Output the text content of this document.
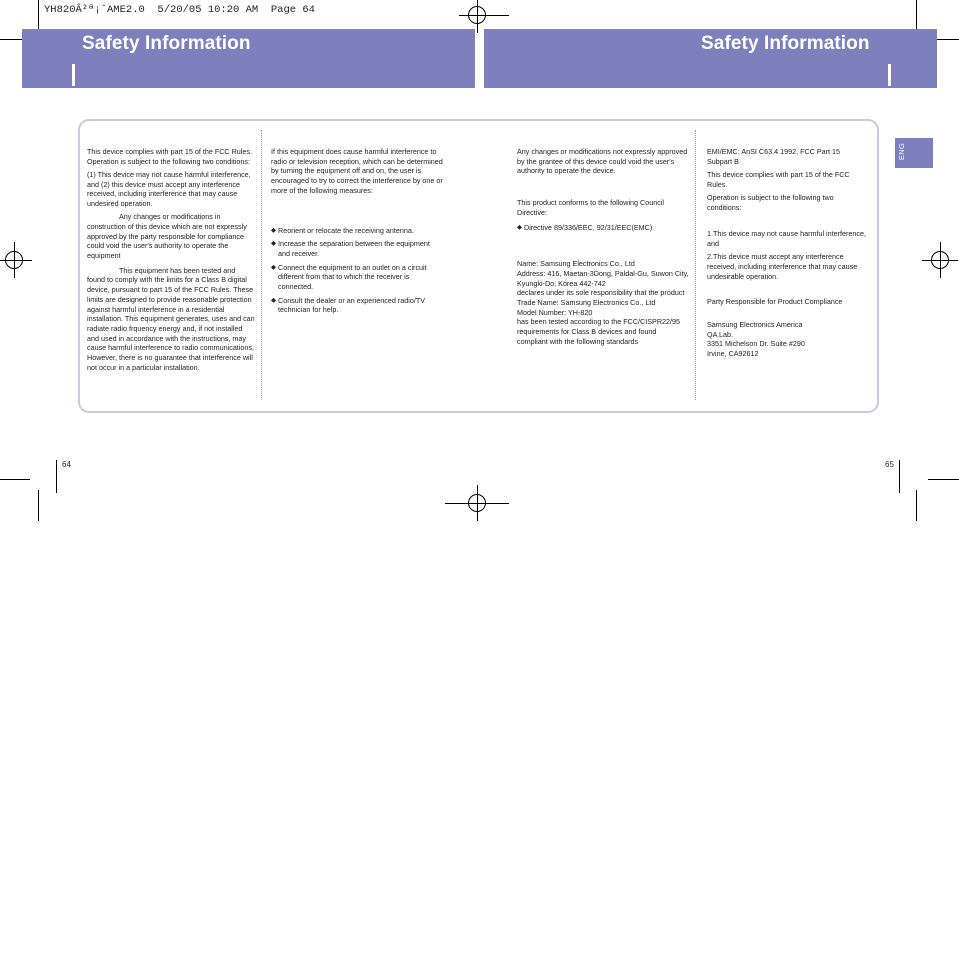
YH820Â²ª¡ˆAME2.0  5/20/05 10:20 AM  Page 64
Safety Information	Safety Information

This device complies with part 15 of the FCC Rules. Operation is subject to the following two conditions:

(1) This device may not cause harmful interference, and (2) this device must accept any interference received, including interference that may cause undesired operation.

Any changes or modifications in construction of this device which are not expressly approved by the party responsible for compliance could void the user's authority to operate the equipment

This equipment has been tested and found to comply with the limits for a Class B digital device, pursuant to part 15 of the FCC Rules. These limits are designed to provide reasonable protection against harmful interference in a residential installation. This equipment generates, uses and can radiate radio frquency energy and, if not installed and used in accordance with the instructions, may cause harmful interference to radio communications, However, there is no guarantee that interference will not occur in a particular installation.

If this equipment does cause harmful interference to radio or television reception, which can be determined by turning the equipment off and on, the user is encouraged to try to correct the interference by one or more of the following measures:

◆ Reorient or relocate the receiving antenna.
◆ Increase the separation between the equipment and receiver.
◆ Connect the equipment to an outlet on a circuit different from that to which the receiver is connected.
◆ Consult the dealer or an experienced radio/TV technician for help.

Any changes or modifications not expressly approved by the grantee of this device could void the user's authority to operate the device.

This product conforms to the following Council Directive:

◆ Directive 89/336/EEC, 92/31/EEC(EMC)
Name: Samsung Electronics Co., Ltd
Address: 416, Maetan-3Dong, Paldal-Gu, Suwon City, Kyungki-Do, Korea 442-742
declares under its sole responsibility that the product
Trade Name: Samsung Electronics Co., Ltd
Model Number: YH-820
has been tested according to the FCC/CISPR22/95 requirements for Class B devices and found compliant with the following standards

EMI/EMC: AnSI C63.4 1992, FCC Part 15 Subpart B

This device complies with part 15 of the FCC Rules.

Operation is subject to the following two conditions:

1.This device may not cause harmful interference, and

2.This device must accept any interference received, including interference that may cause undesirable operation.

Party Responsible for Product Compliance

Samsung Electronics America
QA Lab.
3351 Michelson Dr. Suite #290
Irvine, CA92612
ENG
64	65
